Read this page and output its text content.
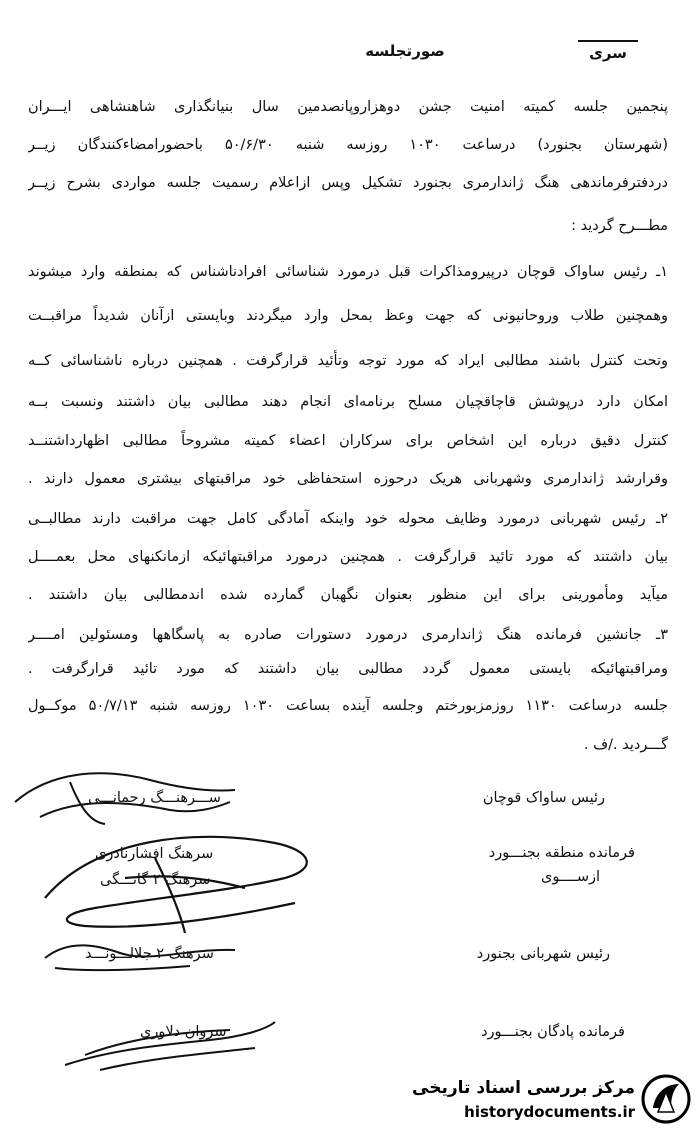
سری
صورتجلسه
پنجمین جلسه کمیته امنیت جشن دوهزاروپانصدمین سال بنیانگذاری شاهنشاهی ایـــران
(شهرستان بجنورد) درساعت ۱۰۳۰ روزسه شنبه ۵۰/۶/۳۰ باحضورامضاءکنندگان زیــر
دردفترفرماندهی هنگ ژاندارمری بجنورد تشکیل وپس ازاعلام رسمیت جلسه مواردی بشرح زیــر
مطـــرح گردید :
۱ـ رئیس ساواک قوچان درپیرومذاکرات قبل درمورد شناسائی افرادناشناس که بمنطقه وارد میشوند
وهمچنین طلاب وروحانیونی که جهت وعظ بمحل وارد میگردند وبایستی ازآنان شدیداً مراقبــت
وتحت کنترل باشند مطالبی ایراد که مورد توجه وتأئید قرارگرفت . همچنین درباره ناشناسائی کــه
امکان دارد درپوشش قاچاقچیان مسلح برنامه‌ای انجام دهند مطالبی بیان داشتند ونسبت بــه
کنترل دقیق درباره این اشخاص برای سرکاران اعضاء کمیته مشروحاً مطالبی اظهارداشتنــد
وقرارشد ژاندارمری وشهربانی هریک درحوزه استحفاظی خود مراقبتهای بیشتری معمول دارند .
۲ـ رئیس شهربانی درمورد وظایف محوله خود واینکه آمادگی کامل جهت مراقبت دارند مطالبــی
بیان داشتند که مورد تائید قرارگرفت . همچنین درمورد مراقبتهائیکه ازمانکنهای محل بعمــــل
میآید ومأمورینی برای این منظور بعنوان نگهبان گمارده شده اندمطالبی بیان داشتند .
۳ـ جانشین فرمانده هنگ ژاندارمری درمورد دستورات صادره به پاسگاهها ومسئولین امــــر
ومراقبتهائیکه بایستی معمول گردد مطالبی بیان داشتند که مورد تائید قرارگرفت .
جلسه درساعت ۱۱۳۰ روزمزبورختم وجلسه آینده بساعت ۱۰۳۰ روزسه شنبه ۵۰/۷/۱۳ موکــول
گـــردید ./ف .
رئیس ساواک قوچان
فرمانده منطقه بجنـــورد
ازســــوی
رئیس شهربانی بجنورد
فرمانده پادگان بجنـــورد
ســـرهنـــگ رحمانـــی
سرهنگ افشارنادری
سرهنگ ۲ گانـــگی
سرهنگ ۲ جلالـــونـــد
سروان دلاوری
مرکز بررسی اسناد تاریخی
historydocuments.ir
